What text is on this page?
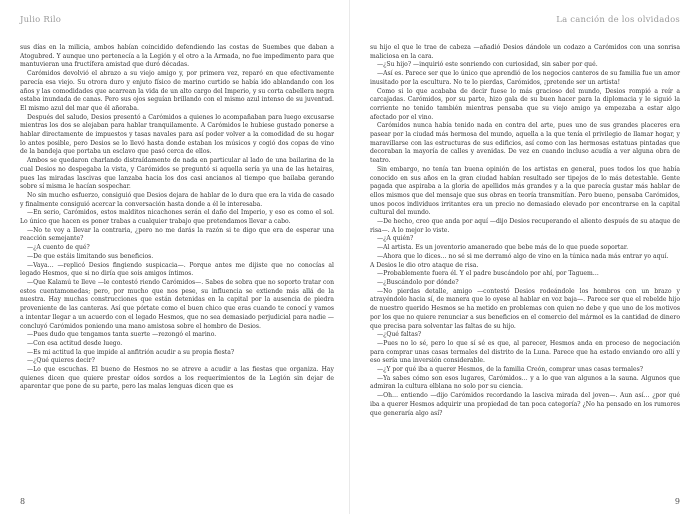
Julio Rilo

sus días en la milicia, ambos habían coincidido defendiendo las costas de Suembes que daban a Atogubred. Y aunque uno pertenecía a la Legión y el otro a la Armada, no fue impedimento para que mantuvieran una fructífera amistad que duró décadas.

Carómidos devolvió el abrazo a su viejo amigo y, por primera vez, reparó en que efectivamente parecía esa viejo. Su otrora duro y enjuto físico de marino curtido se había ido ablandando con los años y las comodidades que acarrean la vida de un alto cargo del Imperio, y su corta cabellera negra estaba inundada de canas. Pero sus ojos seguían brillando con el mismo azul intenso de su juventud. El mismo azul del mar que él añoraba.

Después del saludo, Desios presentó a Carómidos a quienes lo acompañaban para luego excusarse mientras los dos se alejaban para hablar tranquilamente. A Carómidos le hubiese gustado ponerse a hablar directamente de impuestos y tasas navales para así poder volver a la comodidad de su hogar lo antes posible, pero Desios se lo llevó hasta donde estaban los músicos y cogió dos copas de vino de la bandeja que portaba un esclavo que pasó cerca de ellos.

Ambos se quedaron charlando distraídamente de nada en particular al lado de una bailarina de la cual Desios no despegaba la vista, y Carómidos se preguntó si aquella sería ya una de las hetairas, pues las miradas lascivas que lanzaba hacia los dos casi ancianos al tiempo que bailaba gerando sobre sí misma le hacían sospechar.

No sin mucho esfuerzo, consiguió que Desios dejara de hablar de lo dura que era la vida de casado y finalmente consiguió acercar la conversación hasta donde a él le interesaba.

—En serio, Carómidos, estos malditos nicachones serán el daño del Imperio, y eso es como el sol. Lo único que hacen es poner trabas a cualquier trabajo que pretendamos llevar a cabo.

—No te voy a llevar la contraria, ¿pero no me darás la razón si te digo que era de esperar una reacción semejante?

—¿A cuento de qué?

—De que estáis limitando sus beneficios.

—Vaya… —replicó Desios fingiendo suspicacia—. Porque antes me dijiste que no conocías al legado Hesmos, que si no diría que sois amigos íntimos.

—Que Kalamú te lleve —le contestó riendo Carómidos—. Sabes de sobra que no soporto tratar con estos cuentamonedas; pero, por mucho que nos pese, su influencia se extiende más allá de la nuestra. Hay muchas construcciones que están detenidas en la capital por la ausencia de piedra proveniente de las canteras. Así que pórtate como el buen chico que eras cuando te conocí y vamos a intentar llegar a un acuerdo con el legado Hesmos, que no sea demasiado perjudicial para nadie —concluyó Carómidos poniendo una mano amistosa sobre el hombro de Desios.

—Pues dudo que tengamos tanta suerte —rezongó el marino.

—Con esa actitud desde luego.

—Es mi actitud la que impide al anfitrión acudir a su propia fiesta?

—¿Qué quieres decir?

—Lo que escuchas. El bueno de Hesmos no se atreve a acudir a las fiestas que organiza. Hay quienes dicen que quiere prestar oídos sordos a los requerimientos de la Legión sin dejar de aparentar que pone de su parte, pero las malas lenguas dicen que es

8
La canción de los olvidados

su hijo el que le trae de cabeza —añadió Desios dándole un codazo a Carómidos con una sonrisa maliciosa en la cara.

—¿Su hijo? —inquirió este sonriendo con curiosidad, sin saber por qué.

—Así es. Parece ser que lo único que aprendió de los negocios canteros de su familia fue un amor inusitado por la escultura. No te lo pierdas, Carómidos, ¡pretende ser un artista!

Como si lo que acababa de decir fuese lo más gracioso del mundo, Desios rompió a reír a carcajadas. Carómidos, por su parte, hizo gala de su buen hacer para la diplomacia y le siguió la corriente no tenido también mientras pensaba que su viejo amigo ya empezaba a estar algo afectado por el vino.

Carómidos nunca había tenido nada en contra del arte, pues uno de sus grandes placeres era pasear por la ciudad más hermosa del mundo, aquella a la que tenía el privilegio de llamar hogar, y maravillarse con las estructuras de sus edificios, así como con las hermosas estatuas pintadas que decoraban la mayoría de calles y avenidas. De vez en cuando incluso acudía a ver alguna obra de teatro.

Sin embargo, no tenía tan buena opinión de los artistas en general, pues todos los que había conocido en sus años en la gran ciudad habían resultado ser tipejos de lo más detestable. Gente pagada que aspiraba a la gloria de apellidos más grandes y a la que parecía gustar más hablar de ellos mismos que del mensaje que sus obras en teoría transmitían. Pero bueno, pensaba Carómidos, unos pocos individuos irritantes era un precio no demasiado elevado por encontrarse en la capital cultural del mundo.

—De hecho, creo que anda por aquí —dijo Desios recuperando el aliento después de su ataque de risa—. A lo mejor lo viste.

—¿A quién?

—Al artista. Es un joventorio amanerado que bebe más de lo que puede soportar.

—Ahora que lo dices… no sé si me derramó algo de vino en la túnica nada más entrar yo aquí.

A Desios le dio otro ataque de risa.

—Probablemente fuera él. Y el padre buscándolo por ahí, por Taguem…

—¿Buscándolo por dónde?

—No pierdas detalle, amigo —contestó Desios rodeándole los hombros con un brazo y atrayéndolo hacia sí, de manera que lo oyese al hablar en voz baja—. Parece ser que el rebelde hijo de nuestro querido Hesmos se ha metido en problemas con quien no debe y que uno de los motivos por los que no quiere renunciar a sus beneficios en el comercio del mármol es la cantidad de dinero que precisa para solventar las faltas de su hijo.

—¿Qué faltas?

—Pues no lo sé, pero lo que sí sé es que, al parecer, Hesmos anda en proceso de negociación para comprar unas casas termales del distrito de la Luna. Parece que ha estado enviando oro allí y eso sería una inversión considerable.

—¿Y por qué iba a querer Hesmos, de la familia Creón, comprar unas casas termales?

—Ya sabes cómo son esos lugares, Carómidos… y a lo que van algunos a la sauna. Algunos que admiran la cultura elblana no solo por su ciencia.

—Oh… entiendo —dijo Carómidos recordando la lasciva mirada del joven—. Aun así… ¿por qué iba a querer Hesmos adquirir una propiedad de tan poca categoría? ¿No ha pensado en los rumores que generaría algo así?

9
